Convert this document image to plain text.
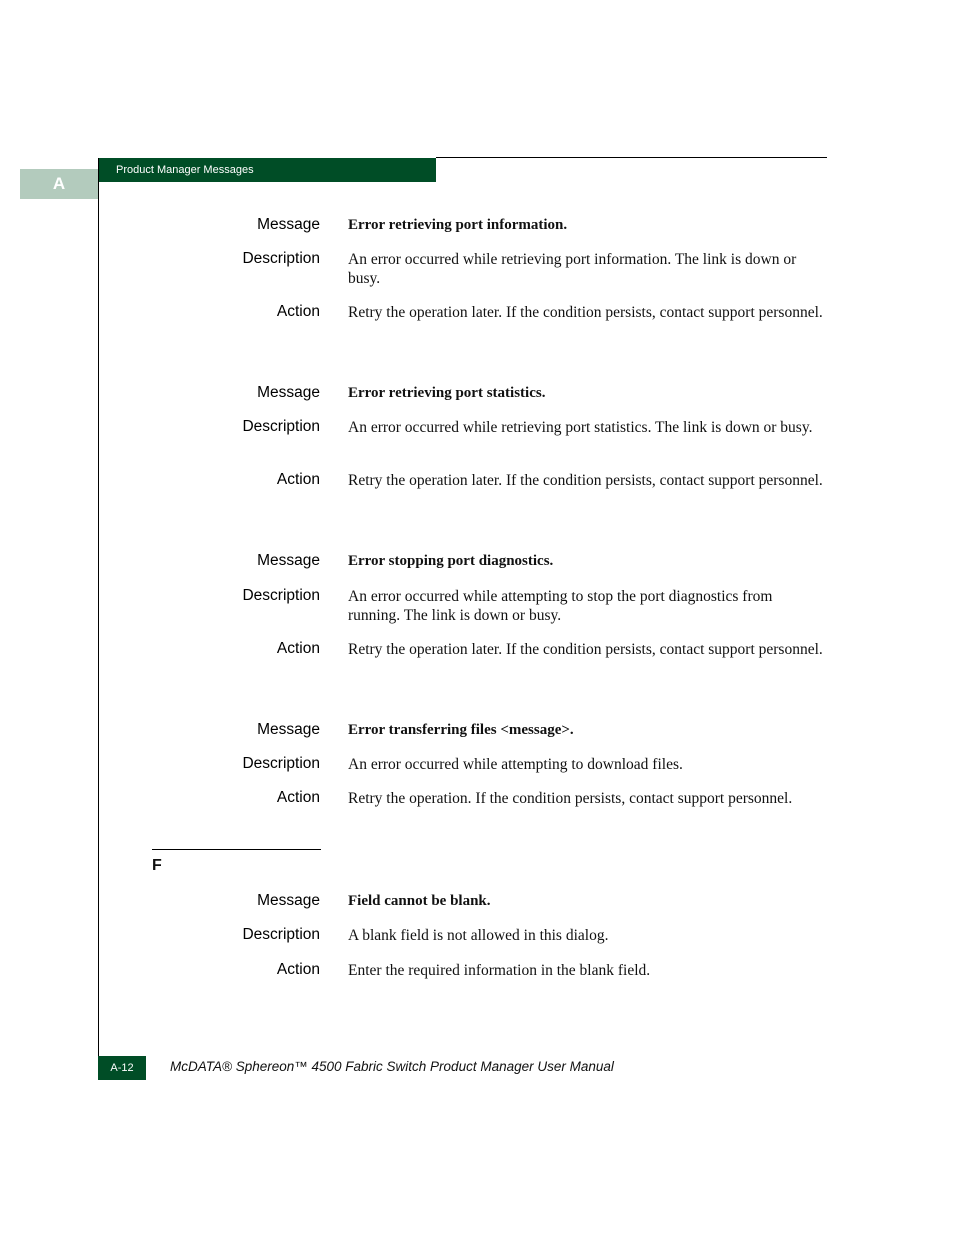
A
Product Manager Messages
Message Error retrieving port information.
Description An error occurred while retrieving port information. The link is down or busy.
Action Retry the operation later. If the condition persists, contact support personnel.
Message Error retrieving port statistics.
Description An error occurred while retrieving port statistics. The link is down or busy.
Action Retry the operation later. If the condition persists, contact support personnel.
Message Error stopping port diagnostics.
Description An error occurred while attempting to stop the port diagnostics from running. The link is down or busy.
Action Retry the operation later. If the condition persists, contact support personnel.
Message Error transferring files <message>.
Description An error occurred while attempting to download files.
Action Retry the operation. If the condition persists, contact support personnel.
F
Message Field cannot be blank.
Description A blank field is not allowed in this dialog.
Action Enter the required information in the blank field.
A-12	McDATA® Sphereon™ 4500 Fabric Switch Product Manager User Manual
